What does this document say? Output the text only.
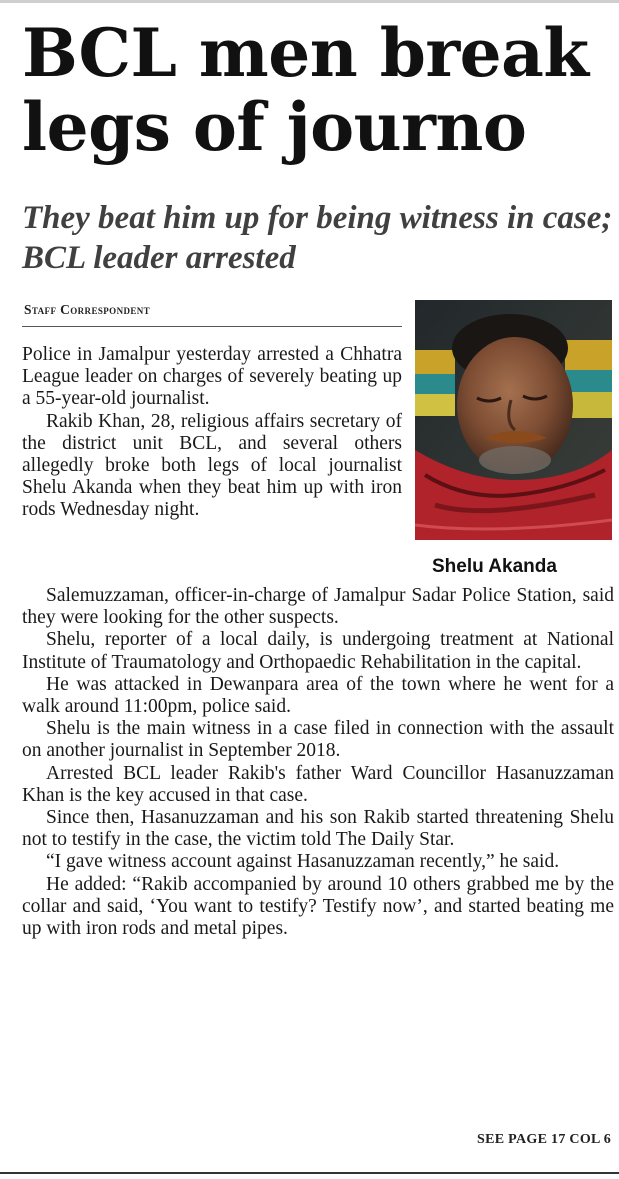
BCL men break legs of journo
They beat him up for being witness in case; BCL leader arrested
Staff Correspondent
Shelu Akanda

Police in Jamalpur yesterday arrested a Chhatra League leader on charges of severely beating up a 55-year-old journalist.

Rakib Khan, 28, religious affairs secretary of the district unit BCL, and several others allegedly broke both legs of local journalist Shelu Akanda when they beat him up with iron rods Wednesday night.

Salemuzzaman, officer-in-charge of Jamalpur Sadar Police Station, said they were looking for the other suspects.

Shelu, reporter of a local daily, is undergoing treatment at National Institute of Traumatology and Orthopaedic Rehabilitation in the capital.

He was attacked in Dewanpara area of the town where he went for a walk around 11:00pm, police said.

Shelu is the main witness in a case filed in connection with the assault on another journalist in September 2018.

Arrested BCL leader Rakib's father Ward Councillor Hasanuzzaman Khan is the key accused in that case.

Since then, Hasanuzzaman and his son Rakib started threatening Shelu not to testify in the case, the victim told The Daily Star.

“I gave witness account against Hasanuzzaman recently,” he said.

He added: “Rakib accompanied by around 10 others grabbed me by the collar and said, ‘You want to testify? Testify now’, and started beating me up with iron rods and metal pipes.

SEE PAGE 17 COL 6
